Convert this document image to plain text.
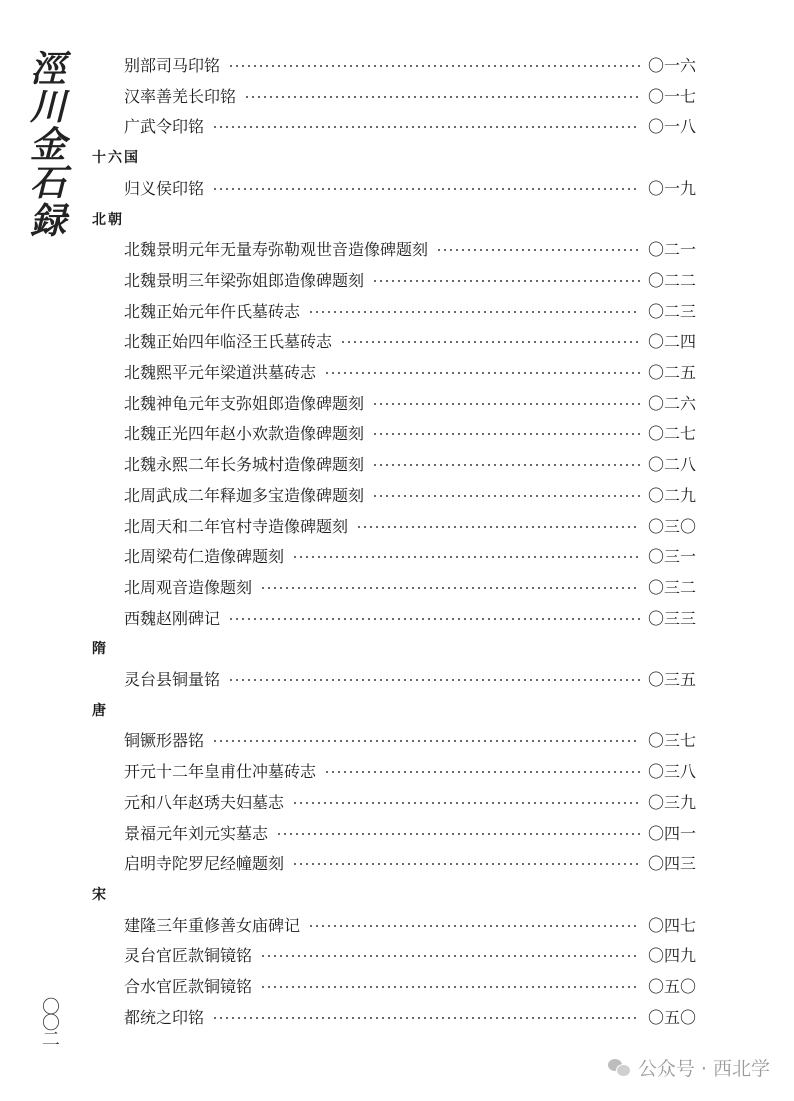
涇
川
金
石
録
别部司马印铭	〇一六
汉率善羌长印铭	〇一七
广武令印铭	〇一八
十六国
归义侯印铭	〇一九
北朝
北魏景明元年无量寿弥勒观世音造像碑题刻	〇二一
北魏景明三年梁弥姐郎造像碑题刻	〇二二
北魏正始元年仵氏墓砖志	〇二三
北魏正始四年临泾王氏墓砖志	〇二四
北魏熙平元年梁道洪墓砖志	〇二五
北魏神龟元年支弥姐郎造像碑题刻	〇二六
北魏正光四年赵小欢款造像碑题刻	〇二七
北魏永熙二年长务城村造像碑题刻	〇二八
北周武成二年释迦多宝造像碑题刻	〇二九
北周天和二年官村寺造像碑题刻	〇三〇
北周梁苟仁造像碑题刻	〇三一
北周观音造像题刻	〇三二
西魏赵刚碑记	〇三三
隋
灵台县铜量铭	〇三五
唐
铜镢形器铭	〇三七
开元十二年皇甫仕冲墓砖志	〇三八
元和八年赵琇夫妇墓志	〇三九
景福元年刘元实墓志	〇四一
启明寺陀罗尼经幢题刻	〇四三
宋
建隆三年重修善女庙碑记	〇四七
灵台官匠款铜镜铭	〇四九
合水官匠款铜镜铭	〇五〇
都统之印铭	〇五〇
〇
〇
二
公众号 · 西北学
